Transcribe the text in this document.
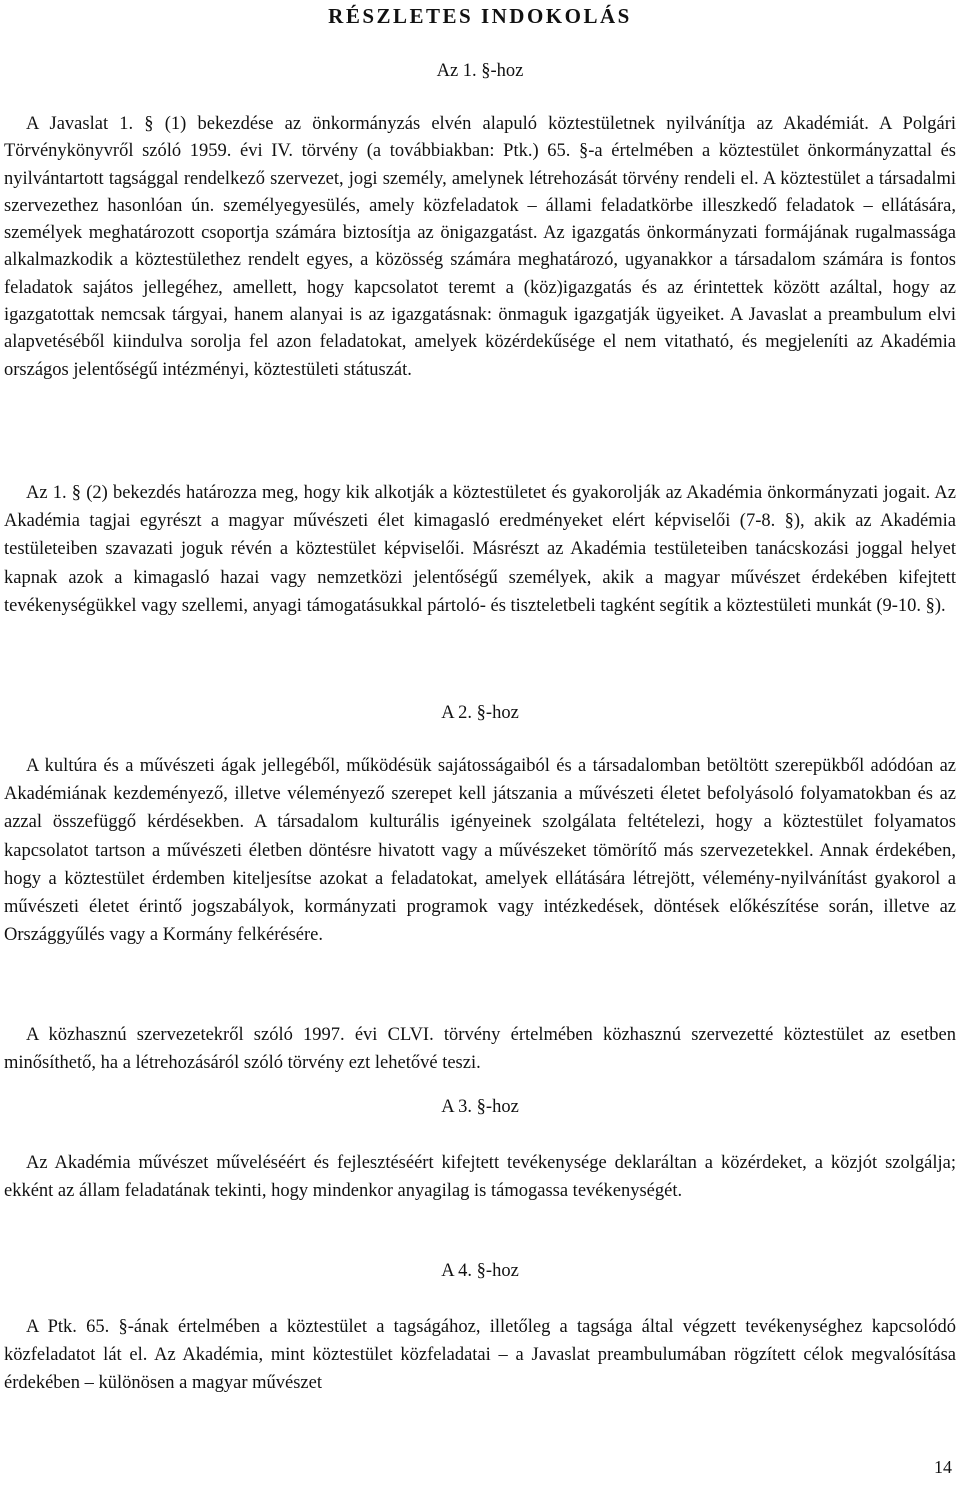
RÉSZLETES INDOKOLÁS
Az 1. §-hoz
A Javaslat 1. § (1) bekezdése az önkormányzás elvén alapuló köztestületnek nyilvánítja az Akadémiát. A Polgári Törvénykönyvről szóló 1959. évi IV. törvény (a továbbiakban: Ptk.) 65. §-a értelmében a köztestület önkormányzattal és nyilvántartott tagsággal rendelkező szervezet, jogi személy, amelynek létrehozását törvény rendeli el. A köztestület a társadalmi szervezethez hasonlóan ún. személyegyesülés, amely közfeladatok – állami feladatkörbe illeszkedő feladatok – ellátására, személyek meghatározott csoportja számára biztosítja az önigazgatást. Az igazgatás önkormányzati formájának rugalmassága alkalmazkodik a köztestülethez rendelt egyes, a közösség számára meghatározó, ugyanakkor a társadalom számára is fontos feladatok sajátos jellegéhez, amellett, hogy kapcsolatot teremt a (köz)igazgatás és az érintettek között azáltal, hogy az igazgatottak nemcsak tárgyai, hanem alanyai is az igazgatásnak: önmaguk igazgatják ügyeiket. A Javaslat a preambulum elvi alapvetéséből kiindulva sorolja fel azon feladatokat, amelyek közérdekűsége el nem vitatható, és megjeleníti az Akadémia országos jelentőségű intézményi, köztestületi státuszát.
Az 1. § (2) bekezdés határozza meg, hogy kik alkotják a köztestületet és gyakorolják az Akadémia önkormányzati jogait. Az Akadémia tagjai egyrészt a magyar művészeti élet kimagasló eredményeket elért képviselői (7-8. §), akik az Akadémia testületeiben szavazati joguk révén a köztestület képviselői. Másrészt az Akadémia testületeiben tanácskozási joggal helyet kapnak azok a kimagasló hazai vagy nemzetközi jelentőségű személyek, akik a magyar művészet érdekében kifejtett tevékenységükkel vagy szellemi, anyagi támogatásukkal pártoló- és tiszteletbeli tagként segítik a köztestületi munkát (9-10. §).
A 2. §-hoz
A kultúra és a művészeti ágak jellegéből, működésük sajátosságaiból és a társadalomban betöltött szerepükből adódóan az Akadémiának kezdeményező, illetve véleményező szerepet kell játszania a művészeti életet befolyásoló folyamatokban és az azzal összefüggő kérdésekben. A társadalom kulturális igényeinek szolgálata feltételezi, hogy a köztestület folyamatos kapcsolatot tartson a művészeti életben döntésre hivatott vagy a művészeket tömörítő más szervezetekkel. Annak érdekében, hogy a köztestület érdemben kiteljesítse azokat a feladatokat, amelyek ellátására létrejött, vélemény-nyilvánítást gyakorol a művészeti életet érintő jogszabályok, kormányzati programok vagy intézkedések, döntések előkészítése során, illetve az Országgyűlés vagy a Kormány felkérésére.
A közhasznú szervezetekről szóló 1997. évi CLVI. törvény értelmében közhasznú szervezetté köztestület az esetben minősíthető, ha a létrehozásáról szóló törvény ezt lehetővé teszi.
A 3. §-hoz
Az Akadémia művészet műveléséért és fejlesztéséért kifejtett tevékenysége deklaráltan a közérdeket, a közjót szolgálja; ekként az állam feladatának tekinti, hogy mindenkor anyagilag is támogassa tevékenységét.
A 4. §-hoz
A Ptk. 65. §-ának értelmében a köztestület a tagságához, illetőleg a tagsága által végzett tevékenységhez kapcsolódó közfeladatot lát el. Az Akadémia, mint köztestület közfeladatai – a Javaslat preambulumában rögzített célok megvalósítása érdekében – különösen a magyar művészet
14
